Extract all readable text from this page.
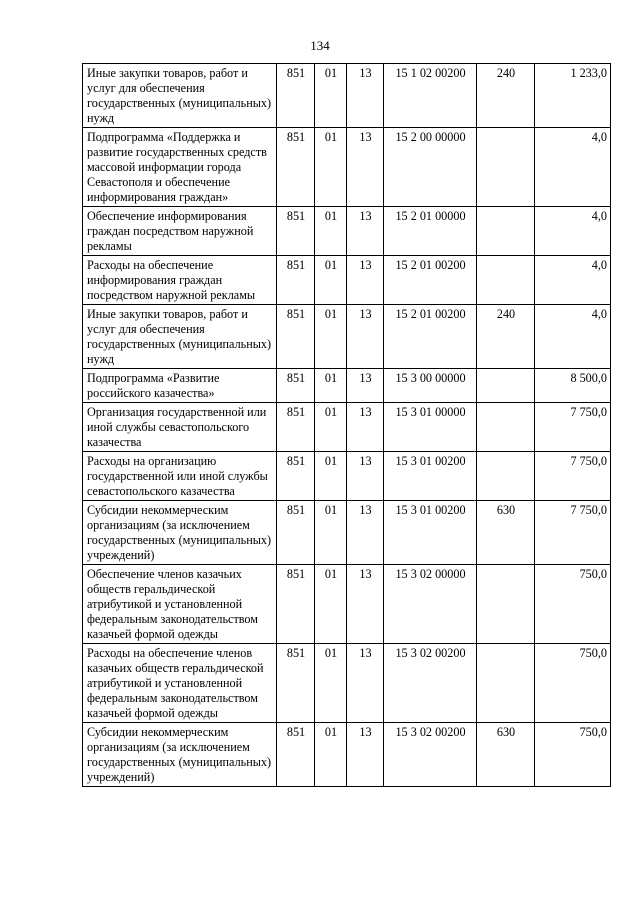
134
Иные закупки товаров, работ и услуг для обеспечения государственных (муниципальных) нужд	851	01	13	15 1 02 00200	240	1 233,0
Подпрограмма «Поддержка и развитие государственных средств массовой информации города Севастополя и обеспечение информирования граждан»	851	01	13	15 2 00 00000		4,0
Обеспечение информирования граждан посредством наружной рекламы	851	01	13	15 2 01 00000		4,0
Расходы на обеспечение информирования граждан посредством наружной рекламы	851	01	13	15 2 01 00200		4,0
Иные закупки товаров, работ и услуг для обеспечения государственных (муниципальных) нужд	851	01	13	15 2 01 00200	240	4,0
Подпрограмма «Развитие российского казачества»	851	01	13	15 3 00 00000		8 500,0
Организация государственной или иной службы севастопольского казачества	851	01	13	15 3 01 00000		7 750,0
Расходы на организацию государственной или иной службы севастопольского казачества	851	01	13	15 3 01 00200		7 750,0
Субсидии некоммерческим организациям (за исключением государственных (муниципальных) учреждений)	851	01	13	15 3 01 00200	630	7 750,0
Обеспечение членов казачьих обществ геральдической атрибутикой и установленной федеральным законодательством казачьей формой одежды	851	01	13	15 3 02 00000		750,0
Расходы на обеспечение членов казачьих обществ геральдической атрибутикой и установленной федеральным законодательством казачьей формой одежды	851	01	13	15 3 02 00200		750,0
Субсидии некоммерческим организациям (за исключением государственных (муниципальных) учреждений)	851	01	13	15 3 02 00200	630	750,0
